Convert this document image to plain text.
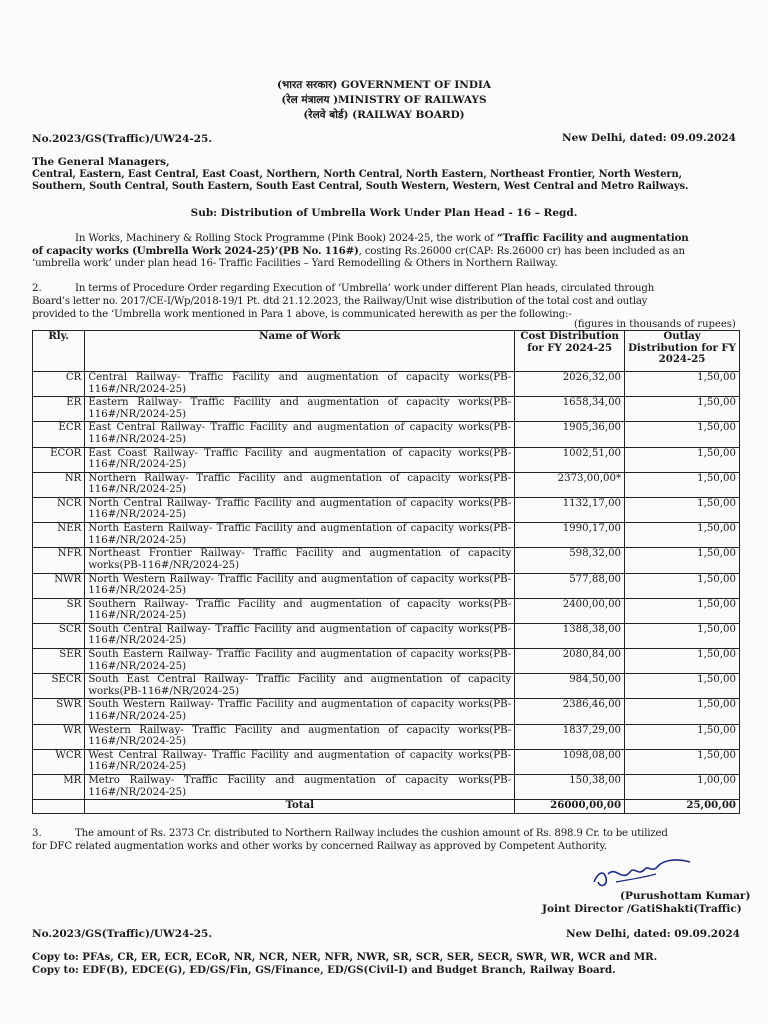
(भारत सरकार) GOVERNMENT OF INDIA
(रेल मंत्रालय )MINISTRY OF RAILWAYS
(रेलवे बोर्ड) (RAILWAY BOARD)
No.2023/GS(Traffic)/UW24-25.	New Delhi, dated: 09.09.2024
The General Managers,
Central, Eastern, East Central, East Coast, Northern, North Central, North Eastern, Northeast Frontier, North Western,
Southern, South Central, South Eastern, South East Central, South Western, Western, West Central and Metro Railways.
Sub: Distribution of Umbrella Work Under Plan Head - 16 – Regd.
In Works, Machinery & Rolling Stock Programme (Pink Book) 2024-25, the work of “Traffic Facility and augmentation
of capacity works (Umbrella Work 2024-25)’(PB No. 116#), costing Rs.26000 cr(CAP: Rs.26000 cr) has been included as an
‘umbrella work’ under plan head 16- Traffic Facilities – Yard Remodelling & Others in Northern Railway.
2.	In terms of Procedure Order regarding Execution of ‘Umbrella’ work under different Plan heads, circulated through
Board’s letter no. 2017/CE-I/Wp/2018-19/1 Pt. dtd 21.12.2023, the Railway/Unit wise distribution of the total cost and outlay
provided to the ‘Umbrella work mentioned in Para 1 above, is communicated herewith as per the following:-
(figures in thousands of rupees)
Rly.	Name of Work	Cost Distribution for FY 2024-25	Outlay Distribution for FY 2024-25
CR	Central Railway- Traffic Facility and augmentation of capacity works(PB-116#/NR/2024-25)	2026,32,00	1,50,00
ER	Eastern Railway- Traffic Facility and augmentation of capacity works(PB-116#/NR/2024-25)	1658,34,00	1,50,00
ECR	East Central Railway- Traffic Facility and augmentation of capacity works(PB-116#/NR/2024-25)	1905,36,00	1,50,00
ECOR	East Coast Railway- Traffic Facility and augmentation of capacity works(PB-116#/NR/2024-25)	1002,51,00	1,50,00
NR	Northern Railway- Traffic Facility and augmentation of capacity works(PB-116#/NR/2024-25)	2373,00,00*	1,50,00
NCR	North Central Railway- Traffic Facility and augmentation of capacity works(PB-116#/NR/2024-25)	1132,17,00	1,50,00
NER	North Eastern Railway- Traffic Facility and augmentation of capacity works(PB-116#/NR/2024-25)	1990,17,00	1,50,00
NFR	Northeast Frontier Railway- Traffic Facility and augmentation of capacity works(PB-116#/NR/2024-25)	598,32,00	1,50,00
NWR	North Western Railway- Traffic Facility and augmentation of capacity works(PB-116#/NR/2024-25)	577,88,00	1,50,00
SR	Southern Railway- Traffic Facility and augmentation of capacity works(PB-116#/NR/2024-25)	2400,00,00	1,50,00
SCR	South Central Railway- Traffic Facility and augmentation of capacity works(PB-116#/NR/2024-25)	1388,38,00	1,50,00
SER	South Eastern Railway- Traffic Facility and augmentation of capacity works(PB-116#/NR/2024-25)	2080,84,00	1,50,00
SECR	South East Central Railway- Traffic Facility and augmentation of capacity works(PB-116#/NR/2024-25)	984,50,00	1,50,00
SWR	South Western Railway- Traffic Facility and augmentation of capacity works(PB-116#/NR/2024-25)	2386,46,00	1,50,00
WR	Western Railway- Traffic Facility and augmentation of capacity works(PB-116#/NR/2024-25)	1837,29,00	1,50,00
WCR	West Central Railway- Traffic Facility and augmentation of capacity works(PB-116#/NR/2024-25)	1098,08,00	1,50,00
MR	Metro Railway- Traffic Facility and augmentation of capacity works(PB-116#/NR/2024-25)	150,38,00	1,00,00
	Total	26000,00,00	25,00,00
3.	The amount of Rs. 2373 Cr. distributed to Northern Railway includes the cushion amount of Rs. 898.9 Cr. to be utilized
for DFC related augmentation works and other works by concerned Railway as approved by Competent Authority.
(Purushottam Kumar)
Joint Director /GatiShakti(Traffic)
No.2023/GS(Traffic)/UW24-25.	New Delhi, dated: 09.09.2024
Copy to: PFAs, CR, ER, ECR, ECoR, NR, NCR, NER, NFR, NWR, SR, SCR, SER, SECR, SWR, WR, WCR and MR.
Copy to: EDF(B), EDCE(G), ED/GS/Fin, GS/Finance, ED/GS(Civil-I) and Budget Branch, Railway Board.
